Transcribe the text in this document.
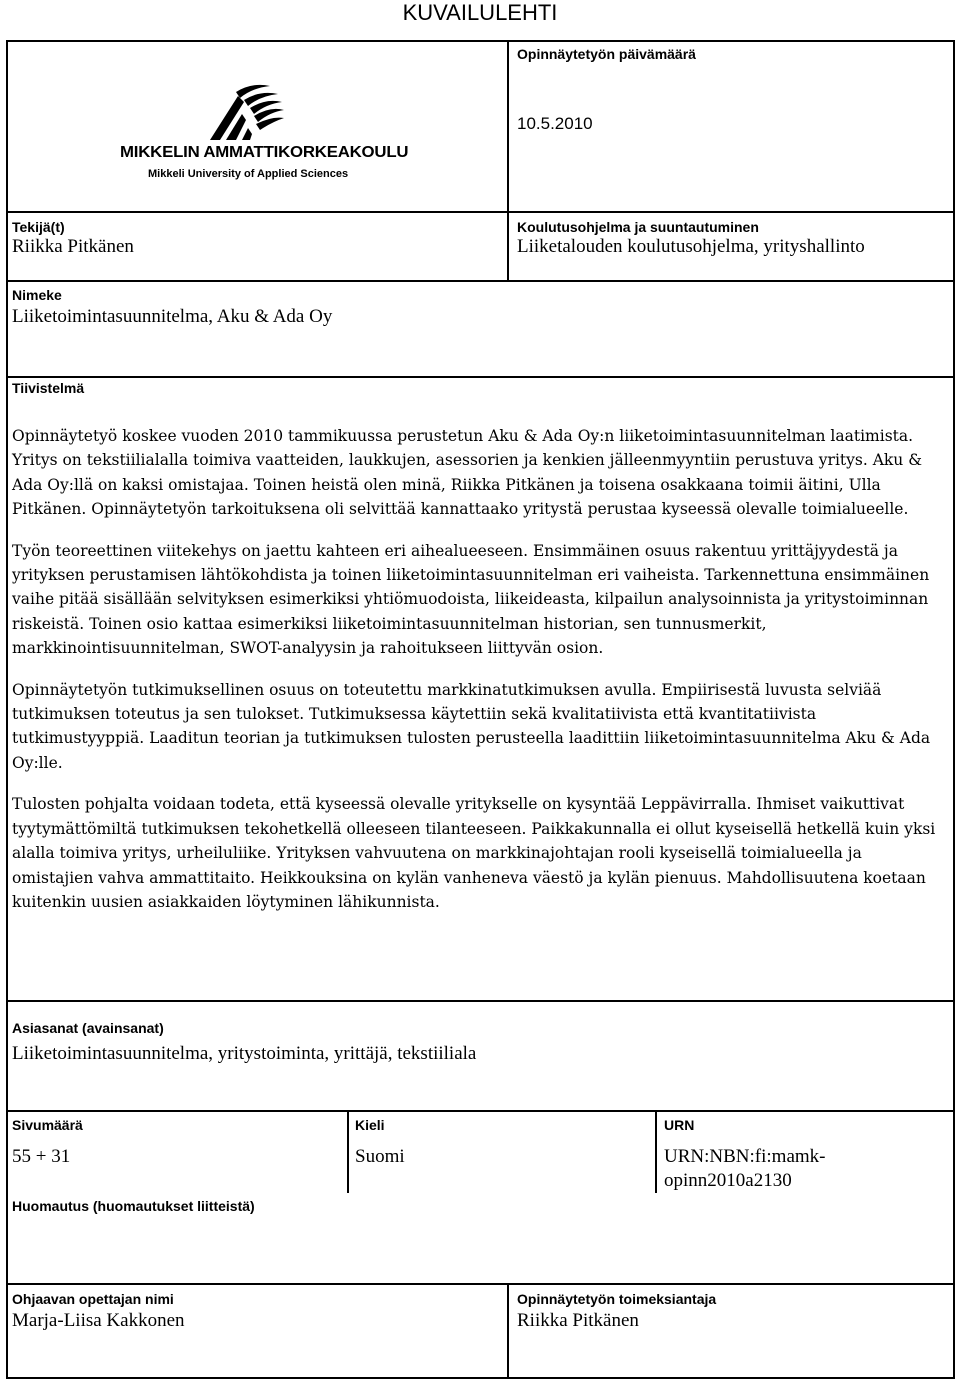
KUVAILULEHTI
MIKKELIN AMMATTIKORKEAKOULU
Mikkeli University of Applied Sciences
Opinnäytetyön päivämäärä
10.5.2010
Tekijä(t)
Riikka Pitkänen
Koulutusohjelma ja suuntautuminen
Liiketalouden koulutusohjelma, yrityshallinto
Nimeke
Liiketoimintasuunnitelma, Aku & Ada Oy
Tiivistelmä

Opinnäytetyö koskee vuoden 2010 tammikuussa perustetun Aku & Ada Oy:n liiketoimintasuunnitelman laatimista. Yritys on tekstiilialalla toimiva vaatteiden, laukkujen, asessorien ja kenkien jälleenmyyntiin perustuva yritys. Aku & Ada Oy:llä on kaksi omistajaa. Toinen heistä olen minä, Riikka Pitkänen ja toisena osakkaana toimii äitini, Ulla Pitkänen. Opinnäytetyön tarkoituksena oli selvittää kannattaako yritystä perustaa kyseessä olevalle toimialueelle.

Työn teoreettinen viitekehys on jaettu kahteen eri aihealueeseen. Ensimmäinen osuus rakentuu yrittäjyydestä ja yrityksen perustamisen lähtökohdista ja toinen liiketoimintasuunnitelman eri vaiheista. Tarkennettuna ensimmäinen vaihe pitää sisällään selvityksen esimerkiksi yhtiömuodoista, liikeideasta, kilpailun analysoinnista ja yritystoiminnan riskeistä. Toinen osio kattaa esimerkiksi liiketoimintasuunnitelman historian, sen tunnusmerkit, markkinointisuunnitelman, SWOT-analyysin ja rahoitukseen liittyvän osion.

Opinnäytetyön tutkimuksellinen osuus on toteutettu markkinatutkimuksen avulla. Empiirisestä luvusta selviää tutkimuksen toteutus ja sen tulokset. Tutkimuksessa käytettiin sekä kvalitatiivista että kvantitatiivista tutkimustyyppiä. Laaditun teorian ja tutkimuksen tulosten perusteella laadittiin liiketoimintasuunnitelma Aku & Ada Oy:lle.

Tulosten pohjalta voidaan todeta, että kyseessä olevalle yritykselle on kysyntää Leppävirralla. Ihmiset vaikuttivat tyytymättömiltä tutkimuksen tekohetkellä olleeseen tilanteeseen. Paikkakunnalla ei ollut kyseisellä hetkellä kuin yksi alalla toimiva yritys, urheiluliike. Yrityksen vahvuutena on markkinajohtajan rooli kyseisellä toimialueella ja omistajien vahva ammattitaito. Heikkouksina on kylän vanheneva väestö ja kylän pienuus. Mahdollisuutena koetaan kuitenkin uusien asiakkaiden löytyminen lähikunnista.

Asiasanat (avainsanat)
Liiketoimintasuunnitelma, yritystoiminta, yrittäjä, tekstiiliala
Sivumäärä
55 + 31
Kieli
Suomi
URN
URN:NBN:fi:mamk-
opinn2010a2130
Huomautus (huomautukset liitteistä)
Ohjaavan opettajan nimi
Marja-Liisa Kakkonen
Opinnäytetyön toimeksiantaja
Riikka Pitkänen
